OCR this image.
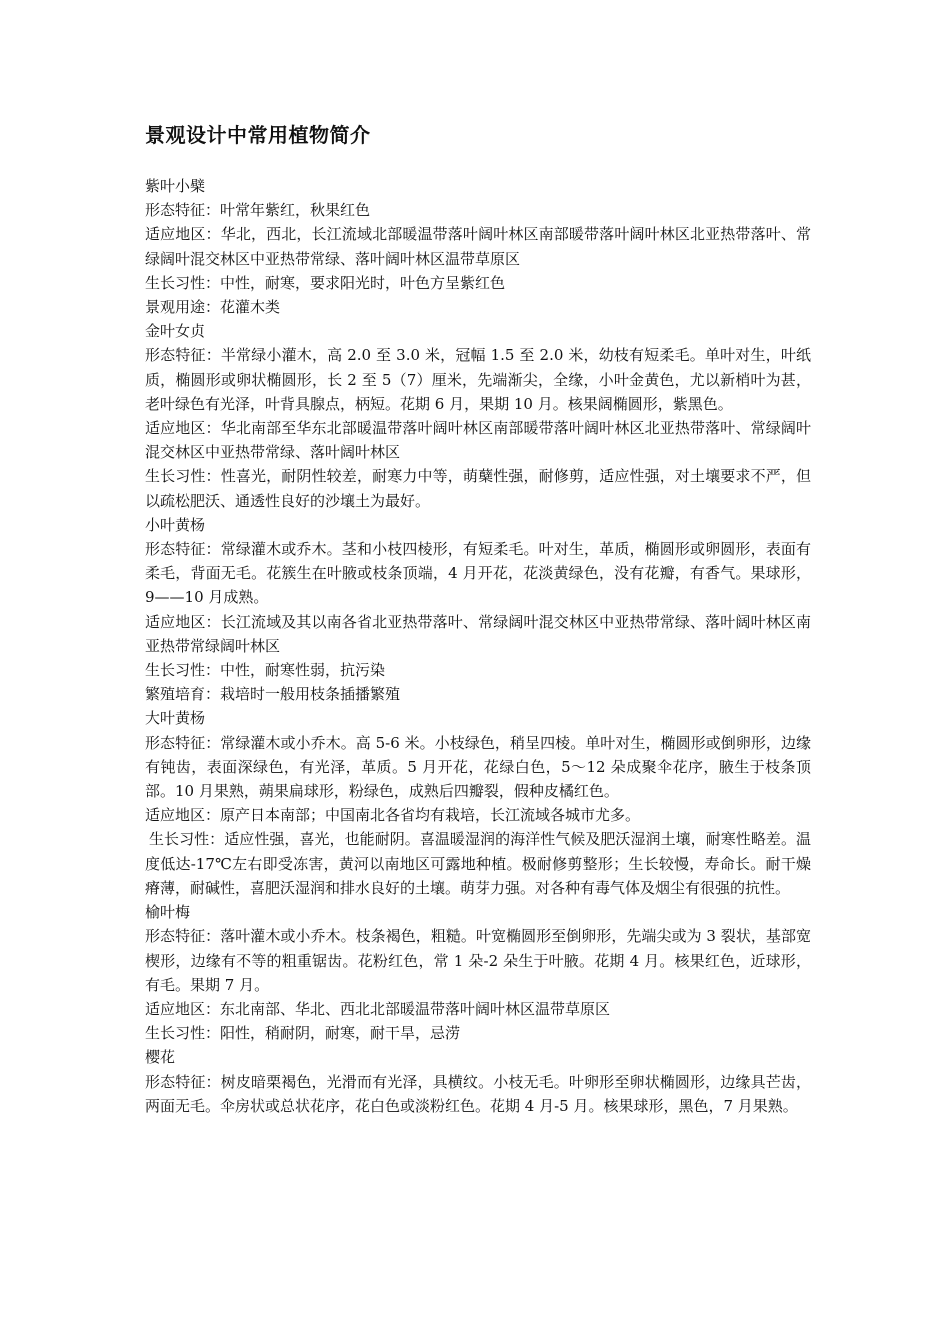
景观设计中常用植物简介
紫叶小檗
形态特征：叶常年紫红，秋果红色
适应地区：华北，西北，长江流域北部暖温带落叶阔叶林区南部暖带落叶阔叶林区北亚热带落叶、常绿阔叶混交林区中亚热带常绿、落叶阔叶林区温带草原区
生长习性：中性，耐寒，要求阳光时，叶色方呈紫红色
景观用途：花灌木类
金叶女贞
形态特征：半常绿小灌木，高 2.0 至 3.0 米，冠幅 1.5 至 2.0 米，幼枝有短柔毛。单叶对生，叶纸质，椭圆形或卵状椭圆形，长 2 至 5（7）厘米，先端渐尖，全缘，小叶金黄色，尤以新梢叶为甚，老叶绿色有光泽，叶背具腺点，柄短。花期 6 月，果期 10 月。核果阔椭圆形，紫黑色。
适应地区：华北南部至华东北部暖温带落叶阔叶林区南部暖带落叶阔叶林区北亚热带落叶、常绿阔叶混交林区中亚热带常绿、落叶阔叶林区
生长习性：性喜光，耐阴性较差，耐寒力中等，萌蘖性强，耐修剪，适应性强，对土壤要求不严，但以疏松肥沃、通透性良好的沙壤土为最好。
小叶黄杨
形态特征：常绿灌木或乔木。茎和小枝四棱形，有短柔毛。叶对生，革质，椭圆形或卵圆形，表面有柔毛，背面无毛。花簇生在叶腋或枝条顶端，4 月开花，花淡黄绿色，没有花瓣，有香气。果球形，9——10 月成熟。
适应地区：长江流域及其以南各省北亚热带落叶、常绿阔叶混交林区中亚热带常绿、落叶阔叶林区南亚热带常绿阔叶林区
生长习性：中性，耐寒性弱，抗污染
繁殖培育：栽培时一般用枝条插播繁殖
大叶黄杨
形态特征：常绿灌木或小乔木。高 5-6 米。小枝绿色，稍呈四棱。单叶对生，椭圆形或倒卵形，边缘有钝齿，表面深绿色，有光泽，革质。5 月开花，花绿白色，5～12 朵成聚伞花序，腋生于枝条顶部。10 月果熟，蒴果扁球形，粉绿色，成熟后四瓣裂，假种皮橘红色。
适应地区：原产日本南部；中国南北各省均有栽培，长江流域各城市尤多。
生长习性：适应性强，喜光，也能耐阴。喜温暖湿润的海洋性气候及肥沃湿润土壤，耐寒性略差。温度低达-17℃左右即受冻害，黄河以南地区可露地种植。极耐修剪整形；生长较慢，寿命长。耐干燥瘠薄，耐碱性，喜肥沃湿润和排水良好的土壤。萌芽力强。对各种有毒气体及烟尘有很强的抗性。
榆叶梅
形态特征：落叶灌木或小乔木。枝条褐色，粗糙。叶宽椭圆形至倒卵形，先端尖或为 3 裂状，基部宽楔形，边缘有不等的粗重锯齿。花粉红色，常 1 朵-2 朵生于叶腋。花期 4 月。核果红色，近球形，有毛。果期 7 月。
适应地区：东北南部、华北、西北北部暖温带落叶阔叶林区温带草原区
生长习性：阳性，稍耐阴，耐寒，耐干旱，忌涝
樱花
形态特征：树皮暗栗褐色，光滑而有光泽，具横纹。小枝无毛。叶卵形至卵状椭圆形，边缘具芒齿，两面无毛。伞房状或总状花序，花白色或淡粉红色。花期 4 月-5 月。核果球形，黑色，7 月果熟。
